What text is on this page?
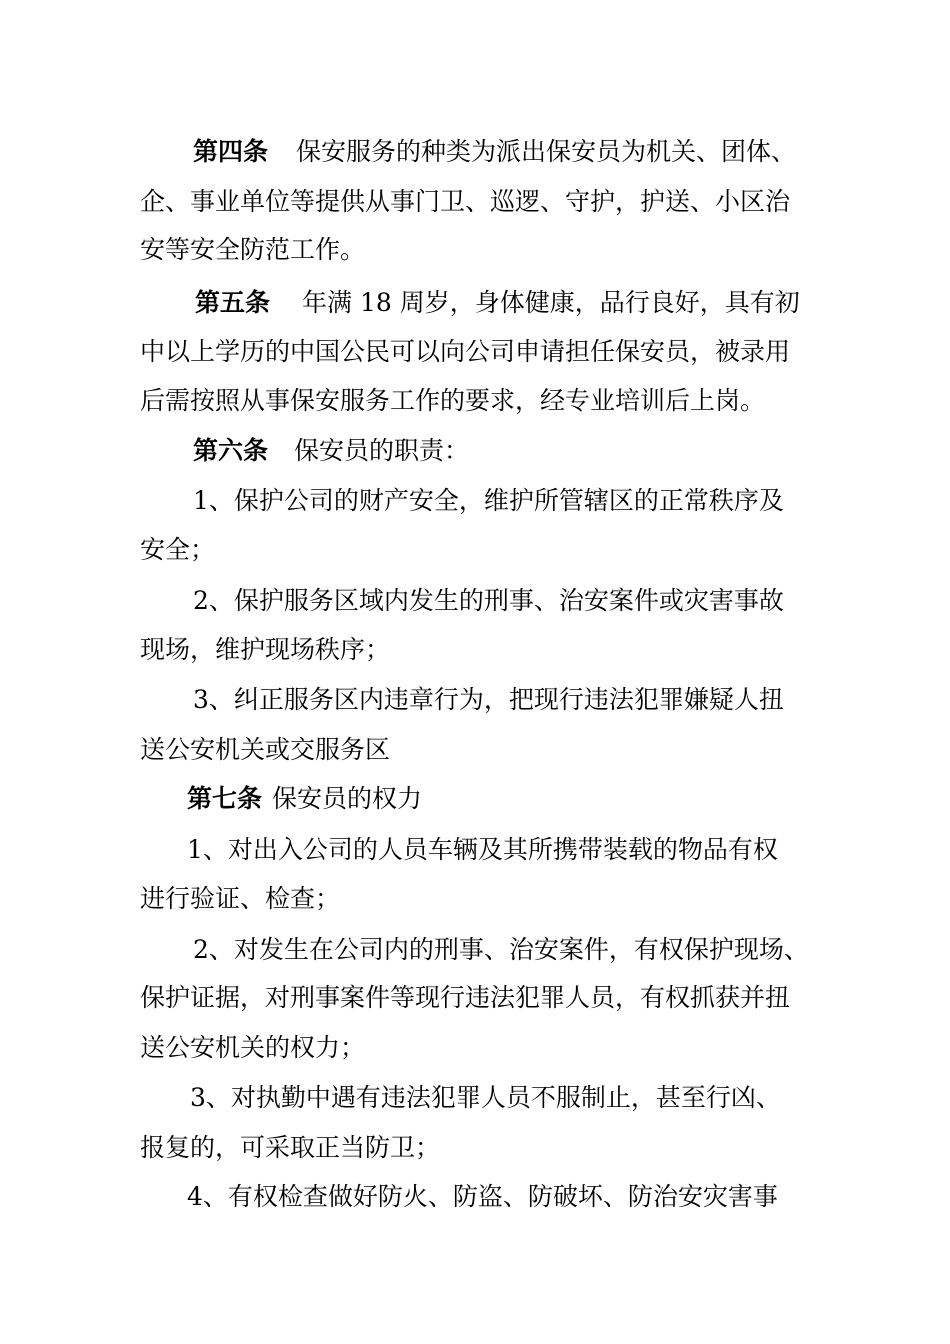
第四条 保安服务的种类为派出保安员为机关、团体、
企、事业单位等提供从事门卫、巡逻、守护，护送、小区治
安等安全防范工作。
第五条 年满 18 周岁，身体健康，品行良好，具有初
中以上学历的中国公民可以向公司申请担任保安员，被录用
后需按照从事保安服务工作的要求，经专业培训后上岗。
第六条 保安员的职责：
1、保护公司的财产安全，维护所管辖区的正常秩序及
安全；
2、保护服务区域内发生的刑事、治安案件或灾害事故
现场，维护现场秩序；
3、纠正服务区内违章行为，把现行违法犯罪嫌疑人扭
送公安机关或交服务区
第七条 保安员的权力
1、对出入公司的人员车辆及其所携带装载的物品有权
进行验证、检查；
2、对发生在公司内的刑事、治安案件，有权保护现场、
保护证据，对刑事案件等现行违法犯罪人员，有权抓获并扭
送公安机关的权力；
3、对执勤中遇有违法犯罪人员不服制止，甚至行凶、
报复的，可采取正当防卫；
4、有权检查做好防火、防盗、防破坏、防治安灾害事
